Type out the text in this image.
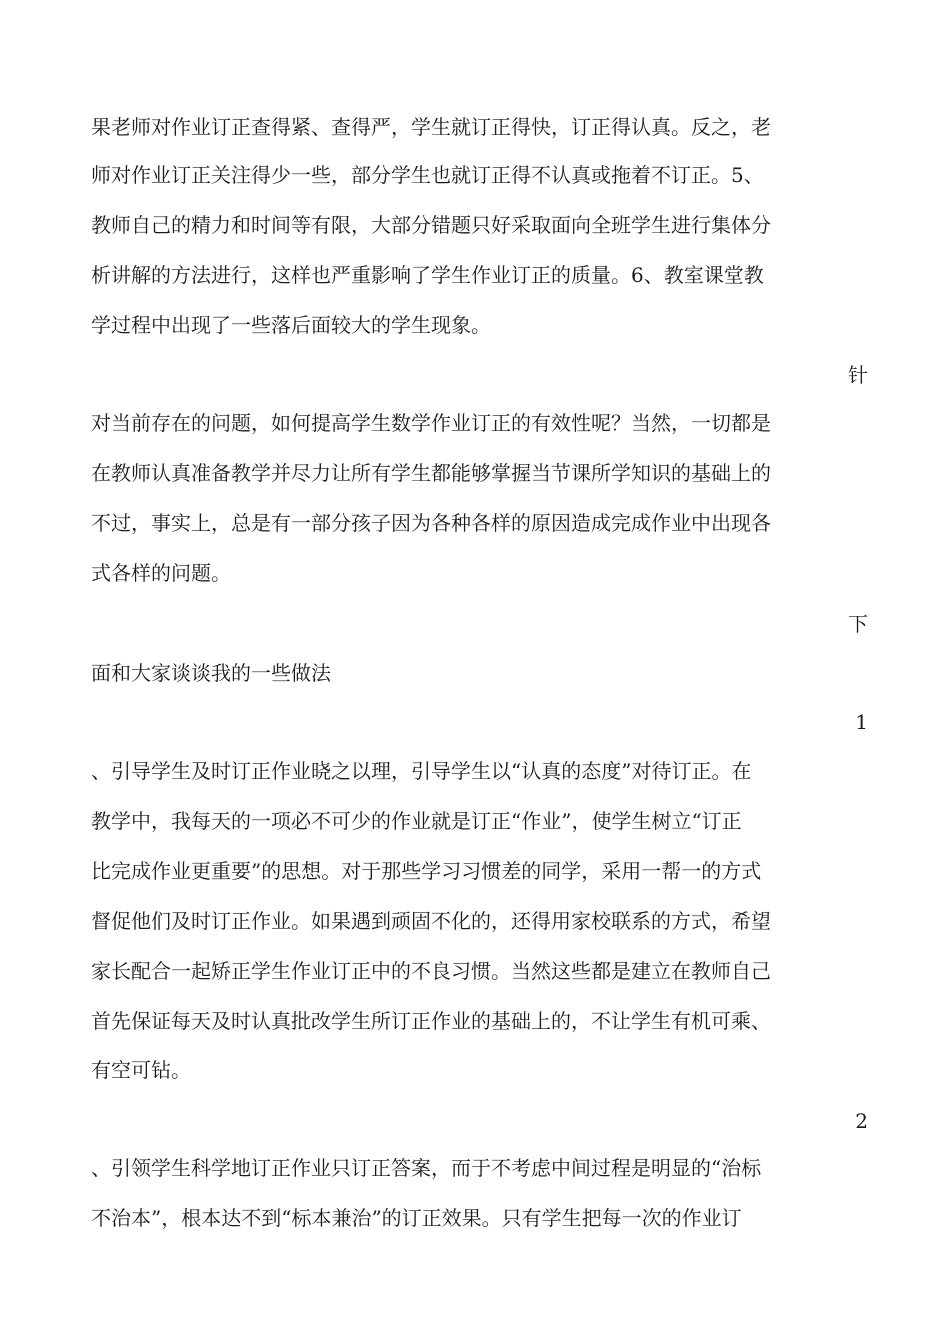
果老师对作业订正查得紧、查得严，学生就订正得快，订正得认真。反之，老
师对作业订正关注得少一些，部分学生也就订正得不认真或拖着不订正。5、
教师自己的精力和时间等有限，大部分错题只好采取面向全班学生进行集体分
析讲解的方法进行，这样也严重影响了学生作业订正的质量。6、教室课堂教
学过程中出现了一些落后面较大的学生现象。
针
对当前存在的问题，如何提高学生数学作业订正的有效性呢？当然，一切都是
在教师认真准备教学并尽力让所有学生都能够掌握当节课所学知识的基础上的
不过，事实上，总是有一部分孩子因为各种各样的原因造成完成作业中出现各
式各样的问题。
下
面和大家谈谈我的一些做法
1
、引导学生及时订正作业晓之以理，引导学生以“认真的态度”对待订正。在
教学中，我每天的一项必不可少的作业就是订正“作业”，使学生树立“订正
比完成作业更重要”的思想。对于那些学习习惯差的同学，采用一帮一的方式
督促他们及时订正作业。如果遇到顽固不化的，还得用家校联系的方式，希望
家长配合一起矫正学生作业订正中的不良习惯。当然这些都是建立在教师自己
首先保证每天及时认真批改学生所订正作业的基础上的，不让学生有机可乘、
有空可钻。
2
、引领学生科学地订正作业只订正答案，而于不考虑中间过程是明显的“治标
不治本”，根本达不到“标本兼治”的订正效果。只有学生把每一次的作业订
